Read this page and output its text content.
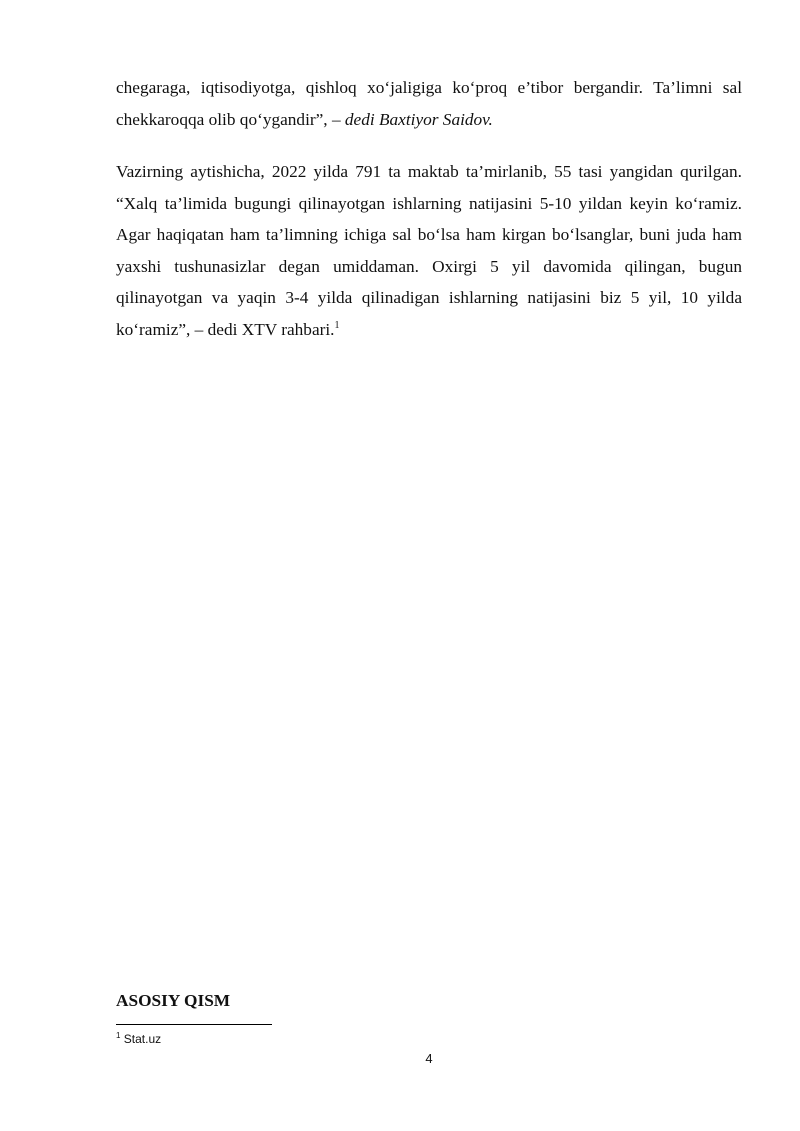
chegaraga, iqtisodiyotga, qishloq xo‘jaligiga ko‘proq e’tibor bergandir. Ta’limni sal chekkaroqqa olib qo‘ygandir”, – dedi Baxtiyor Saidov.

Vazirning aytishicha, 2022 yilda 791 ta maktab ta’mirlanib, 55 tasi yangidan qurilgan. “Xalq ta’limida bugungi qilinayotgan ishlarning natijasini 5-10 yildan keyin ko‘ramiz. Agar haqiqatan ham ta’limning ichiga sal bo‘lsa ham kirgan bo‘lsanglar, buni juda ham yaxshi tushunasizlar degan umiddaman. Oxirgi 5 yil davomida qilingan, bugun qilinayotgan va yaqin 3-4 yilda qilinadigan ishlarning natijasini biz 5 yil, 10 yilda ko‘ramiz”, – dedi XTV rahbari.$^1$

ASOSIY QISM
$^1$ Stat.uz
4
